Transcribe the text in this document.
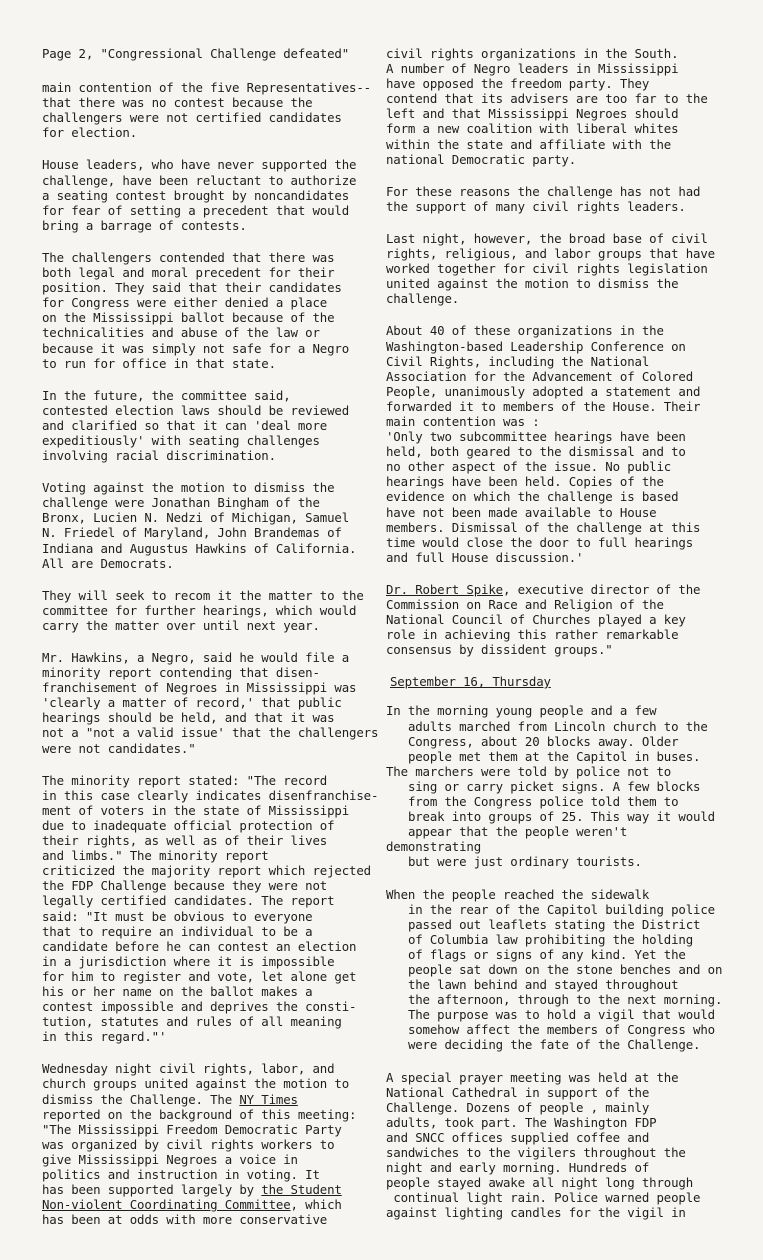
Page 2, "Congressional Challenge defeated"

main contention of the five Representatives--
that there was no contest because the
challengers were not certified candidates
for election.

House leaders, who have never supported the
challenge, have been reluctant to authorize
a seating contest brought by noncandidates
for fear of setting a precedent that would
bring a barrage of contests.

The challengers contended that there was
both legal and moral precedent for their
position. They said that their candidates
for Congress were either denied a place
on the Mississippi ballot because of the
technicalities and abuse of the law or
because it was simply not safe for a Negro
to run for office in that state.

In the future, the committee said,
contested election laws should be reviewed
and clarified so that it can 'deal more
expeditiously' with seating challenges
involving racial discrimination.

Voting against the motion to dismiss the
challenge were Jonathan Bingham of the
Bronx, Lucien N. Nedzi of Michigan, Samuel
N. Friedel of Maryland, John Brandemas of
Indiana and Augustus Hawkins of California.
All are Democrats.

They will seek to recom it the matter to the
committee for further hearings, which would
carry the matter over until next year.

Mr. Hawkins, a Negro, said he would file a
minority report contending that disen-
franchisement of Negroes in Mississippi was
'clearly a matter of record,' that public
hearings should be held, and that it was
not a "not a valid issue' that the challengers
were not candidates."

The minority report stated: "The record
in this case clearly indicates disenfranchise-
ment of voters in the state of Mississippi
due to inadequate official protection of
their rights, as well as of their lives
and limbs." The minority report
criticized the majority report which rejected
the FDP Challenge because they were not
legally certified candidates. The report
said: "It must be obvious to everyone
that to require an individual to be a
candidate before he can contest an election
in a jurisdiction where it is impossible
for him to register and vote, let alone get
his or her name on the ballot makes a
contest impossible and deprives the consti-
tution, statutes and rules of all meaning
in this regard."'

Wednesday night civil rights, labor, and
church groups united against the motion to
dismiss the Challenge. The NY Times
reported on the background of this meeting:
"The Mississippi Freedom Democratic Party
was organized by civil rights workers to
give Mississippi Negroes a voice in
politics and instruction in voting. It
has been supported largely by the Student
Non-violent Coordinating Committee, which
has been at odds with more conservative

civil rights organizations in the South.
A number of Negro leaders in Mississippi
have opposed the freedom party. They
contend that its advisers are too far to the
left and that Mississippi Negroes should
form a new coalition with liberal whites
within the state and affiliate with the
national Democratic party.

For these reasons the challenge has not had
the support of many civil rights leaders.

Last night, however, the broad base of civil
rights, religious, and labor groups that have
worked together for civil rights legislation
united against the motion to dismiss the
challenge.

About 40 of these organizations in the
Washington-based Leadership Conference on
Civil Rights, including the National
Association for the Advancement of Colored
People, unanimously adopted a statement and
forwarded it to members of the House. Their
main contention was :
'Only two subcommittee hearings have been
held, both geared to the dismissal and to
no other aspect of the issue. No public
hearings have been held. Copies of the
evidence on which the challenge is based
have not been made available to House
members. Dismissal of the challenge at this
time would close the door to full hearings
and full House discussion.'

Dr. Robert Spike, executive director of the
Commission on Race and Religion of the
National Council of Churches played a key
role in achieving this rather remarkable
consensus by dissident groups."

September 16, Thursday

In the morning young people and a few
adults marched from Lincoln church to the
Congress, about 20 blocks away. Older
people met them at the Capitol in buses.
The marchers were told by police not to
sing or carry picket signs. A few blocks
from the Congress police told them to
break into groups of 25. This way it would
appear that the people weren't demonstrating
but were just ordinary tourists.

When the people reached the sidewalk
in the rear of the Capitol building police
passed out leaflets stating the District
of Columbia law prohibiting the holding
of flags or signs of any kind. Yet the
people sat down on the stone benches and on
the lawn behind and stayed throughout
the afternoon, through to the next morning.
The purpose was to hold a vigil that would
somehow affect the members of Congress who
were deciding the fate of the Challenge.

A special prayer meeting was held at the
National Cathedral in support of the
Challenge. Dozens of people , mainly
adults, took part. The Washington FDP
and SNCC offices supplied coffee and
sandwiches to the vigilers throughout the
night and early morning. Hundreds of
people stayed awake all night long through
continual light rain. Police warned people
against lighting candles for the vigil in
